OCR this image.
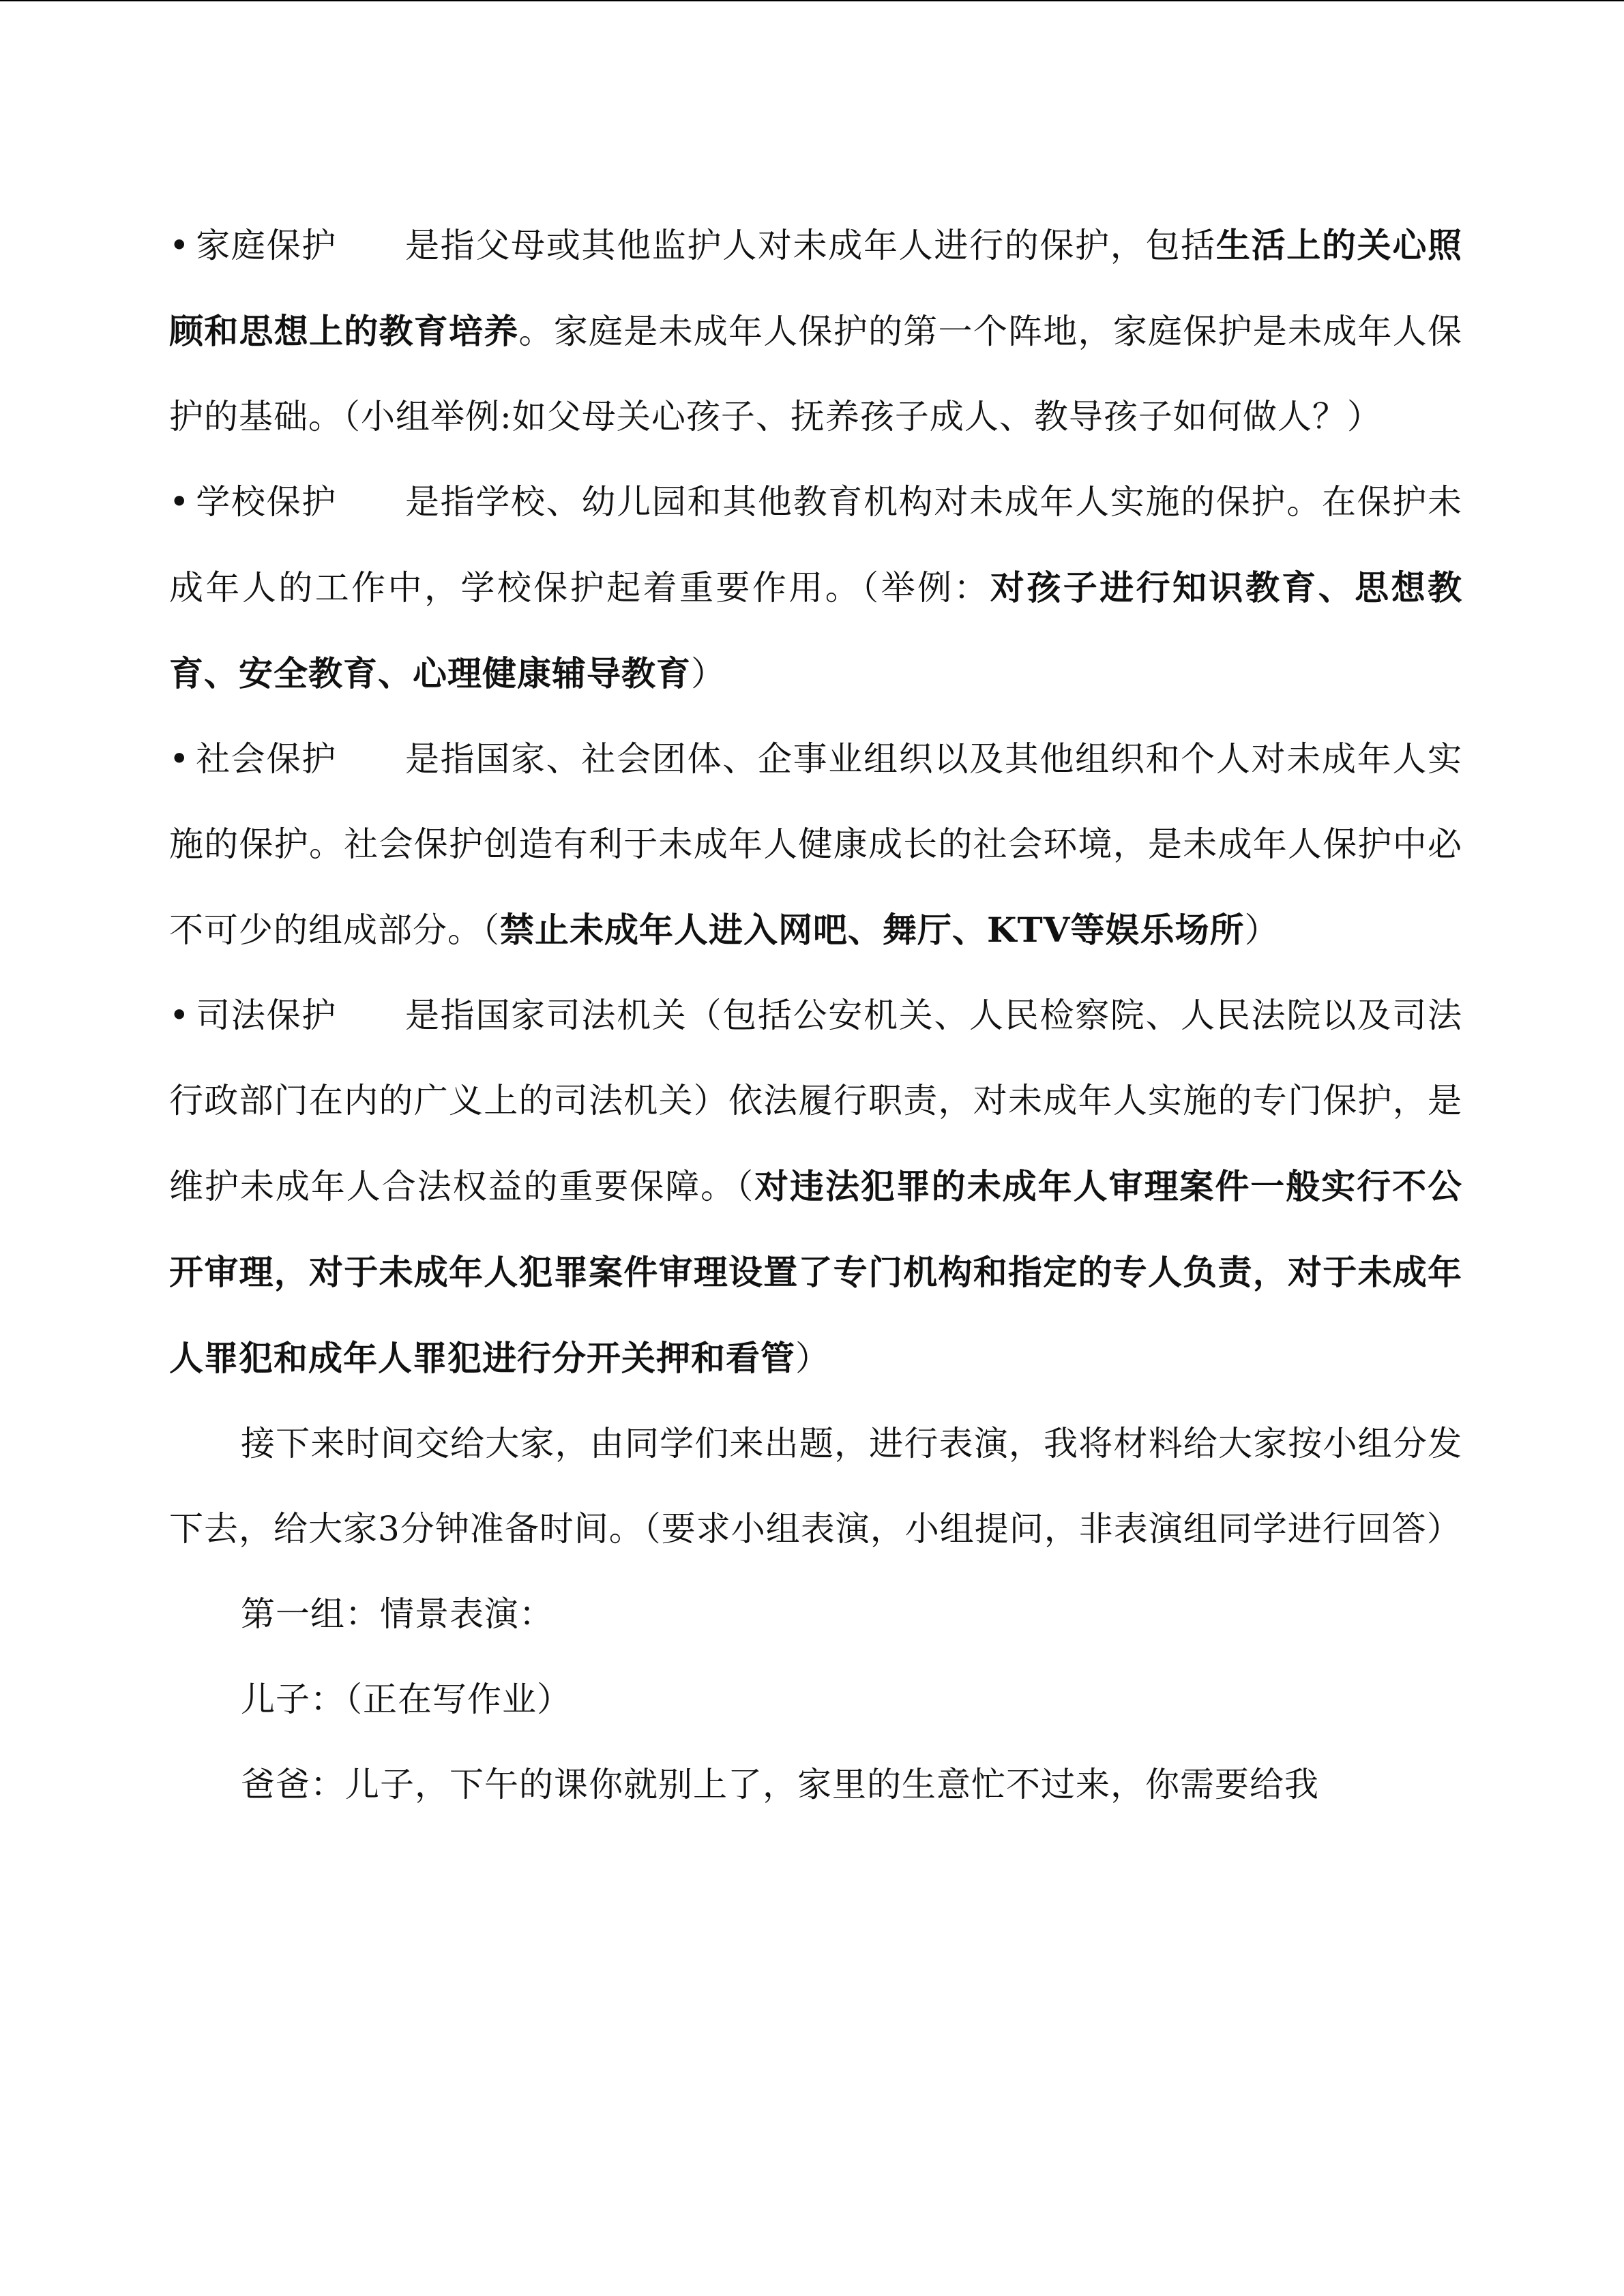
• 家庭保护 是指父母或其他监护人对未成年人进行的保护，包括生活上的关心照顾和思想上的教育培养。家庭是未成年人保护的第一个阵地，家庭保护是未成年人保护的基础。（小组举例:如父母关心孩子、抚养孩子成人、教导孩子如何做人？）

• 学校保护 是指学校、幼儿园和其他教育机构对未成年人实施的保护。在保护未成年人的工作中，学校保护起着重要作用。（举例：对孩子进行知识教育、思想教育、安全教育、心理健康辅导教育）

• 社会保护 是指国家、社会团体、企事业组织以及其他组织和个人对未成年人实施的保护。社会保护创造有利于未成年人健康成长的社会环境，是未成年人保护中必不可少的组成部分。（禁止未成年人进入网吧、舞厅、KTV等娱乐场所）

• 司法保护 是指国家司法机关（包括公安机关、人民检察院、人民法院以及司法行政部门在内的广义上的司法机关）依法履行职责，对未成年人实施的专门保护，是维护未成年人合法权益的重要保障。（对违法犯罪的未成年人审理案件一般实行不公开审理，对于未成年人犯罪案件审理设置了专门机构和指定的专人负责，对于未成年人罪犯和成年人罪犯进行分开关押和看管）

接下来时间交给大家，由同学们来出题，进行表演，我将材料给大家按小组分发下去，给大家3分钟准备时间。（要求小组表演，小组提问，非表演组同学进行回答）

第一组：情景表演：

儿子：（正在写作业）

爸爸：儿子，下午的课你就别上了，家里的生意忙不过来，你需要给我
